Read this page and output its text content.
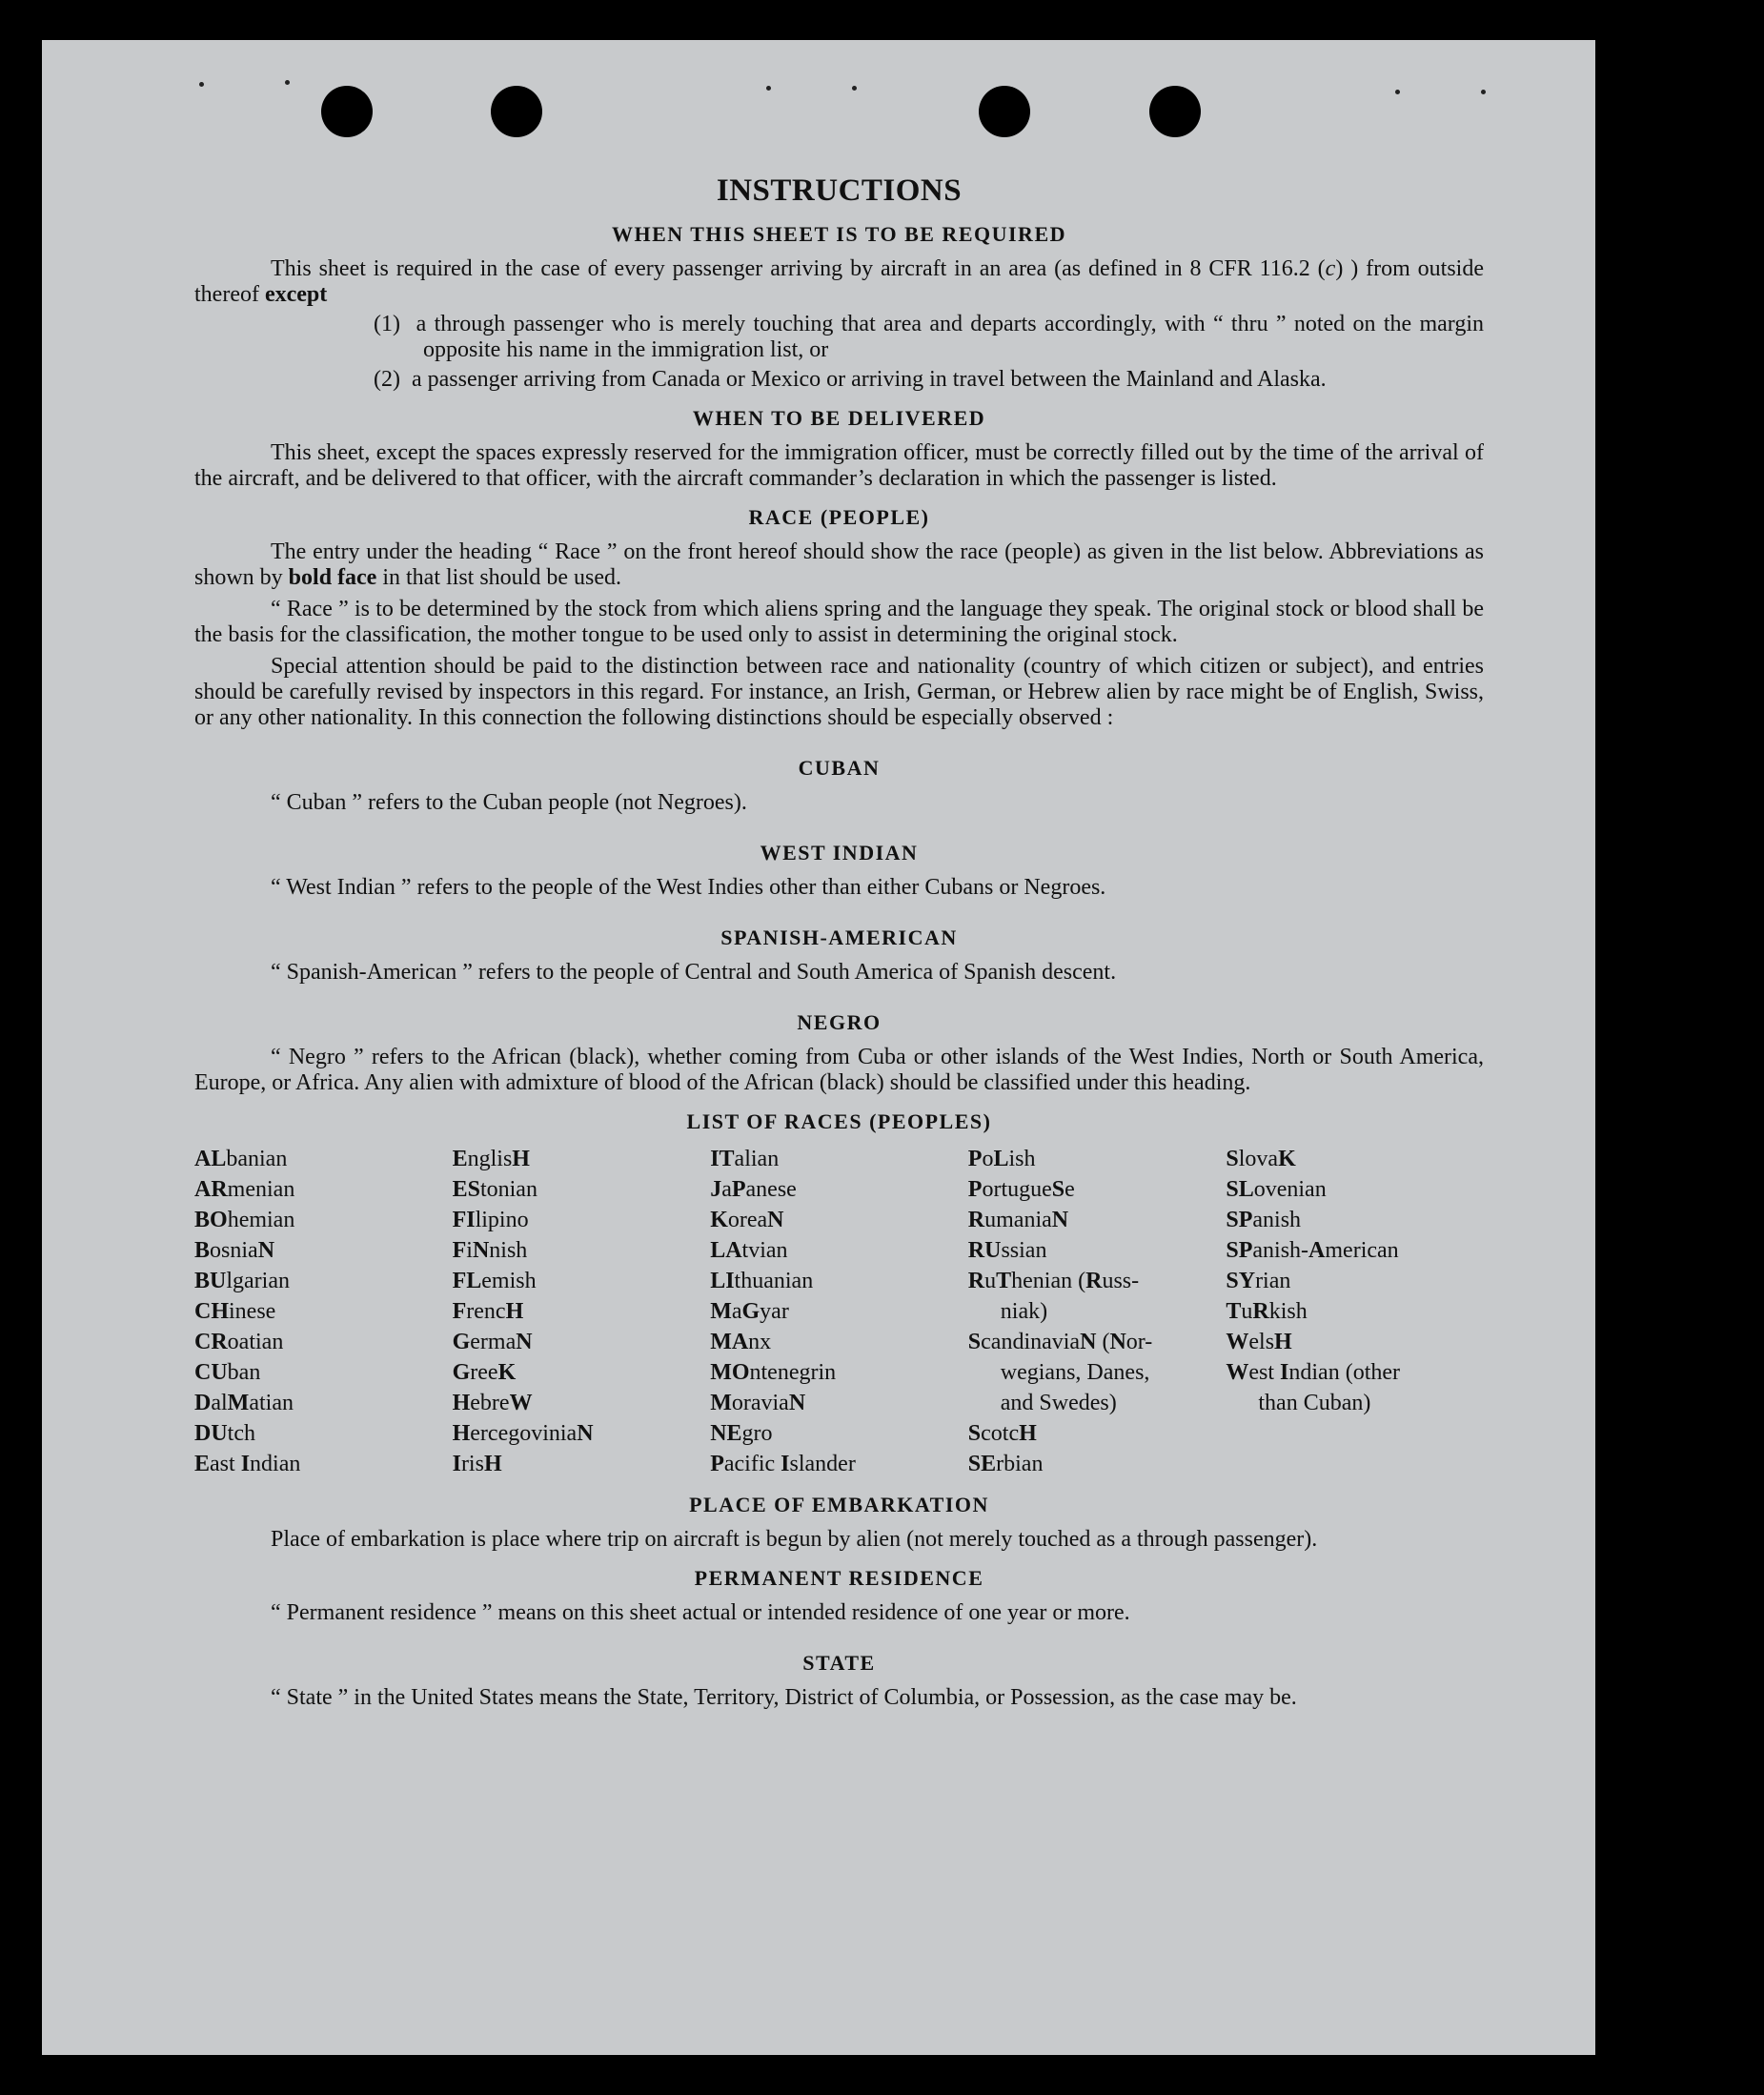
INSTRUCTIONS
WHEN THIS SHEET IS TO BE REQUIRED

This sheet is required in the case of every passenger arriving by aircraft in an area (as defined in 8 CFR 116.2 (c) ) from outside thereof except

(1)  a through passenger who is merely touching that area and departs accordingly, with “ thru ” noted on the margin opposite his name in the immigration list, or
(2)  a passenger arriving from Canada or Mexico or arriving in travel between the Mainland and Alaska.
WHEN TO BE DELIVERED

This sheet, except the spaces expressly reserved for the immigration officer, must be correctly filled out by the time of the arrival of the aircraft, and be delivered to that officer, with the aircraft commander’s declaration in which the passenger is listed.

RACE (PEOPLE)

The entry under the heading “ Race ” on the front hereof should show the race (people) as given in the list below. Abbreviations as shown by bold face in that list should be used.

“ Race ” is to be determined by the stock from which aliens spring and the language they speak. The original stock or blood shall be the basis for the classification, the mother tongue to be used only to assist in determining the original stock.

Special attention should be paid to the distinction between race and nationality (country of which citizen or subject), and entries should be carefully revised by inspectors in this regard. For instance, an Irish, German, or Hebrew alien by race might be of English, Swiss, or any other nationality. In this connection the following distinctions should be especially observed :

CUBAN

“ Cuban ” refers to the Cuban people (not Negroes).

WEST INDIAN

“ West Indian ” refers to the people of the West Indies other than either Cubans or Negroes.

SPANISH-AMERICAN

“ Spanish-American ” refers to the people of Central and South America of Spanish descent.

NEGRO

“ Negro ” refers to the African (black), whether coming from Cuba or other islands of the West Indies, North or South America, Europe, or Africa. Any alien with admixture of blood of the African (black) should be classified under this heading.

LIST OF RACES (PEOPLES)
ALbanian
ARmenian
BOhemian
BosniaN
BUlgarian
CHinese
CRoatian
CUban
DalMatian
DUtch
East Indian
EnglisH
EStonian
FIlipino
FiNnish
FLemish
FrencH
GermaN
GreeK
HebreW
HercegoviniaN
IrisH
ITalian
JaPanese
KoreaN
LAtvian
LIthuanian
MaGyar
MAnx
MOntenegrin
MoraviaN
NEgro
Pacific Islander
PoLish
PortugueSe
RumaniaN
RUssian
RuThenian (Russ-
niak)
ScandinaviaN (Nor-
wegians, Danes,
and Swedes)
ScotcH
SErbian
SlovaK
SLovenian
SPanish
SPanish-American
SYrian
TuRkish
WelsH
West Indian (other
than Cuban)
PLACE OF EMBARKATION

Place of embarkation is place where trip on aircraft is begun by alien (not merely touched as a through passenger).

PERMANENT RESIDENCE

“ Permanent residence ” means on this sheet actual or intended residence of one year or more.

STATE

“ State ” in the United States means the State, Territory, District of Columbia, or Possession, as the case may be.
